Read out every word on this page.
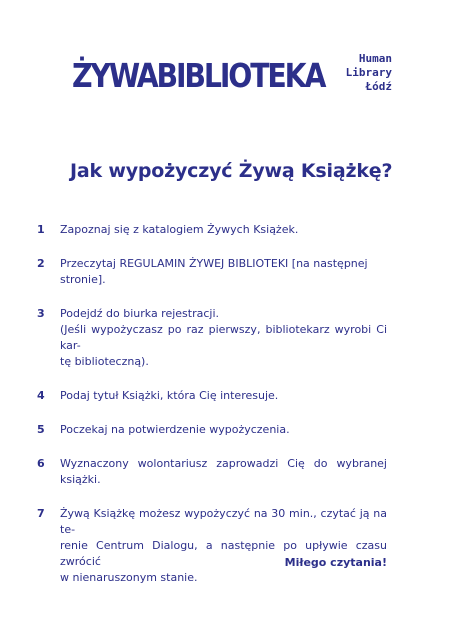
ŻYWABIBLIOTEKA	Human
Library
Łódź
Jak wypożyczyć Żywą Książkę?
1 Zapoznaj się z katalogiem Żywych Książek.
2 Przeczytaj REGULAMIN ŻYWEJ BIBLIOTEKI [na następnej
stronie].
3 Podejdź do biurka rejestracji.
(Jeśli wypożyczasz po raz pierwszy, bibliotekarz wyrobi Ci kar-
tę biblioteczną).
4 Podaj tytuł Książki, która Cię interesuje.
5 Poczekaj na potwierdzenie wypożyczenia.
6 Wyznaczony wolontariusz zaprowadzi Cię do wybranej książki.
7 Żywą Książkę możesz wypożyczyć na 30 min., czytać ją na te-
renie Centrum Dialogu, a następnie po upływie czasu zwrócić
w nienaruszonym stanie.
Miłego czytania!
